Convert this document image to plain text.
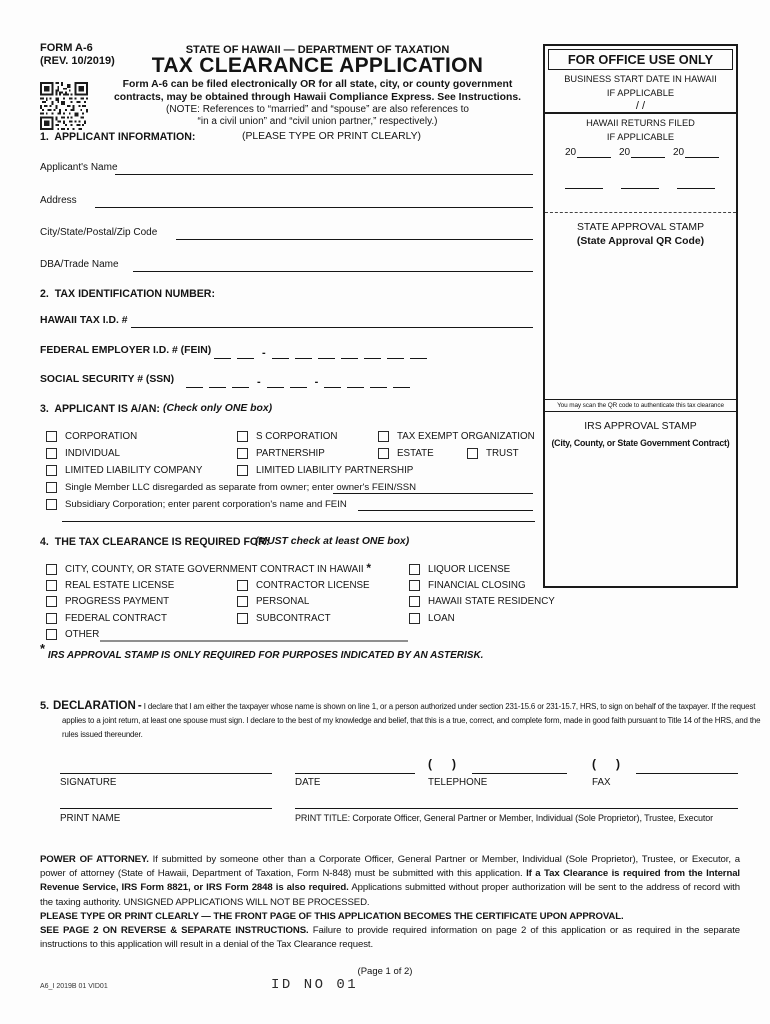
FORM A-6
(REV. 10/2019)
STATE OF HAWAII — DEPARTMENT OF TAXATION
TAX CLEARANCE APPLICATION
Form A-6 can be filed electronically OR for all state, city, or county government
contracts, may be obtained through Hawaii Compliance Express. See Instructions.
(NOTE: References to “married” and “spouse” are also references to
“in a civil union” and “civil union partner,” respectively.)
FOR OFFICE USE ONLY
BUSINESS START DATE IN HAWAII
IF APPLICABLE
/ /
HAWAII RETURNS FILED
IF APPLICABLE
20	20	20
STATE APPROVAL STAMP
(State Approval QR Code)
You may scan the QR code to authenticate this tax clearance
IRS APPROVAL STAMP
(City, County, or State Government Contract)
1.  APPLICANT INFORMATION:	(PLEASE TYPE OR PRINT CLEARLY)
Applicant's Name
Address
City/State/Postal/Zip Code
DBA/Trade Name
2.  TAX IDENTIFICATION NUMBER:
HAWAII TAX I.D. #
FEDERAL EMPLOYER I.D. # (FEIN)	-
SOCIAL SECURITY # (SSN)	-	-
3.  APPLICANT IS A/AN: (Check only ONE box)
CORPORATION	S CORPORATION	TAX EXEMPT ORGANIZATION
INDIVIDUAL	PARTNERSHIP	ESTATE	TRUST
LIMITED LIABILITY COMPANY	LIMITED LIABILITY PARTNERSHIP
Single Member LLC disregarded as separate from owner; enter owner's FEIN/SSN
Subsidiary Corporation; enter parent corporation's name and FEIN
4.  THE TAX CLEARANCE IS REQUIRED FOR:
(MUST check at least ONE box)
CITY, COUNTY, OR STATE GOVERNMENT CONTRACT IN HAWAII *	LIQUOR LICENSE
REAL ESTATE LICENSE	CONTRACTOR LICENSE	FINANCIAL CLOSING
PROGRESS PAYMENT	PERSONAL	HAWAII STATE RESIDENCY
FEDERAL CONTRACT	SUBCONTRACT	LOAN
OTHER
* IRS APPROVAL STAMP IS ONLY REQUIRED FOR PURPOSES INDICATED BY AN ASTERISK.
5. DECLARATION - I declare that I am either the taxpayer whose name is shown on line 1, or a person authorized under section 231-15.6 or 231-15.7, HRS, to sign on behalf of the taxpayer. If the request applies to a joint return, at least one spouse must sign. I declare to the best of my knowledge and belief, that this is a true, correct, and complete form, made in good faith pursuant to Title 14 of the HRS, and the rules issued thereunder.
(      )	(      )
SIGNATURE	DATE	TELEPHONE	FAX
PRINT NAME	PRINT TITLE: Corporate Officer, General Partner or Member, Individual (Sole Proprietor), Trustee, Executor
POWER OF ATTORNEY. If submitted by someone other than a Corporate Officer, General Partner or Member, Individual (Sole Proprietor), Trustee, or Executor, a power of attorney (State of Hawaii, Department of Taxation, Form N-848) must be submitted with this application. If a Tax Clearance is required from the Internal Revenue Service, IRS Form 8821, or IRS Form 2848 is also required. Applications submitted without proper authorization will be sent to the address of record with the taxing authority. UNSIGNED APPLICATIONS WILL NOT BE PROCESSED.
PLEASE TYPE OR PRINT CLEARLY — THE FRONT PAGE OF THIS APPLICATION BECOMES THE CERTIFICATE UPON APPROVAL.
SEE PAGE 2 ON REVERSE & SEPARATE INSTRUCTIONS. Failure to provide required information on page 2 of this application or as required in the separate instructions to this application will result in a denial of the Tax Clearance request.
(Page 1 of 2)
A6_I 2019B 01 VID01	ID NO 01
